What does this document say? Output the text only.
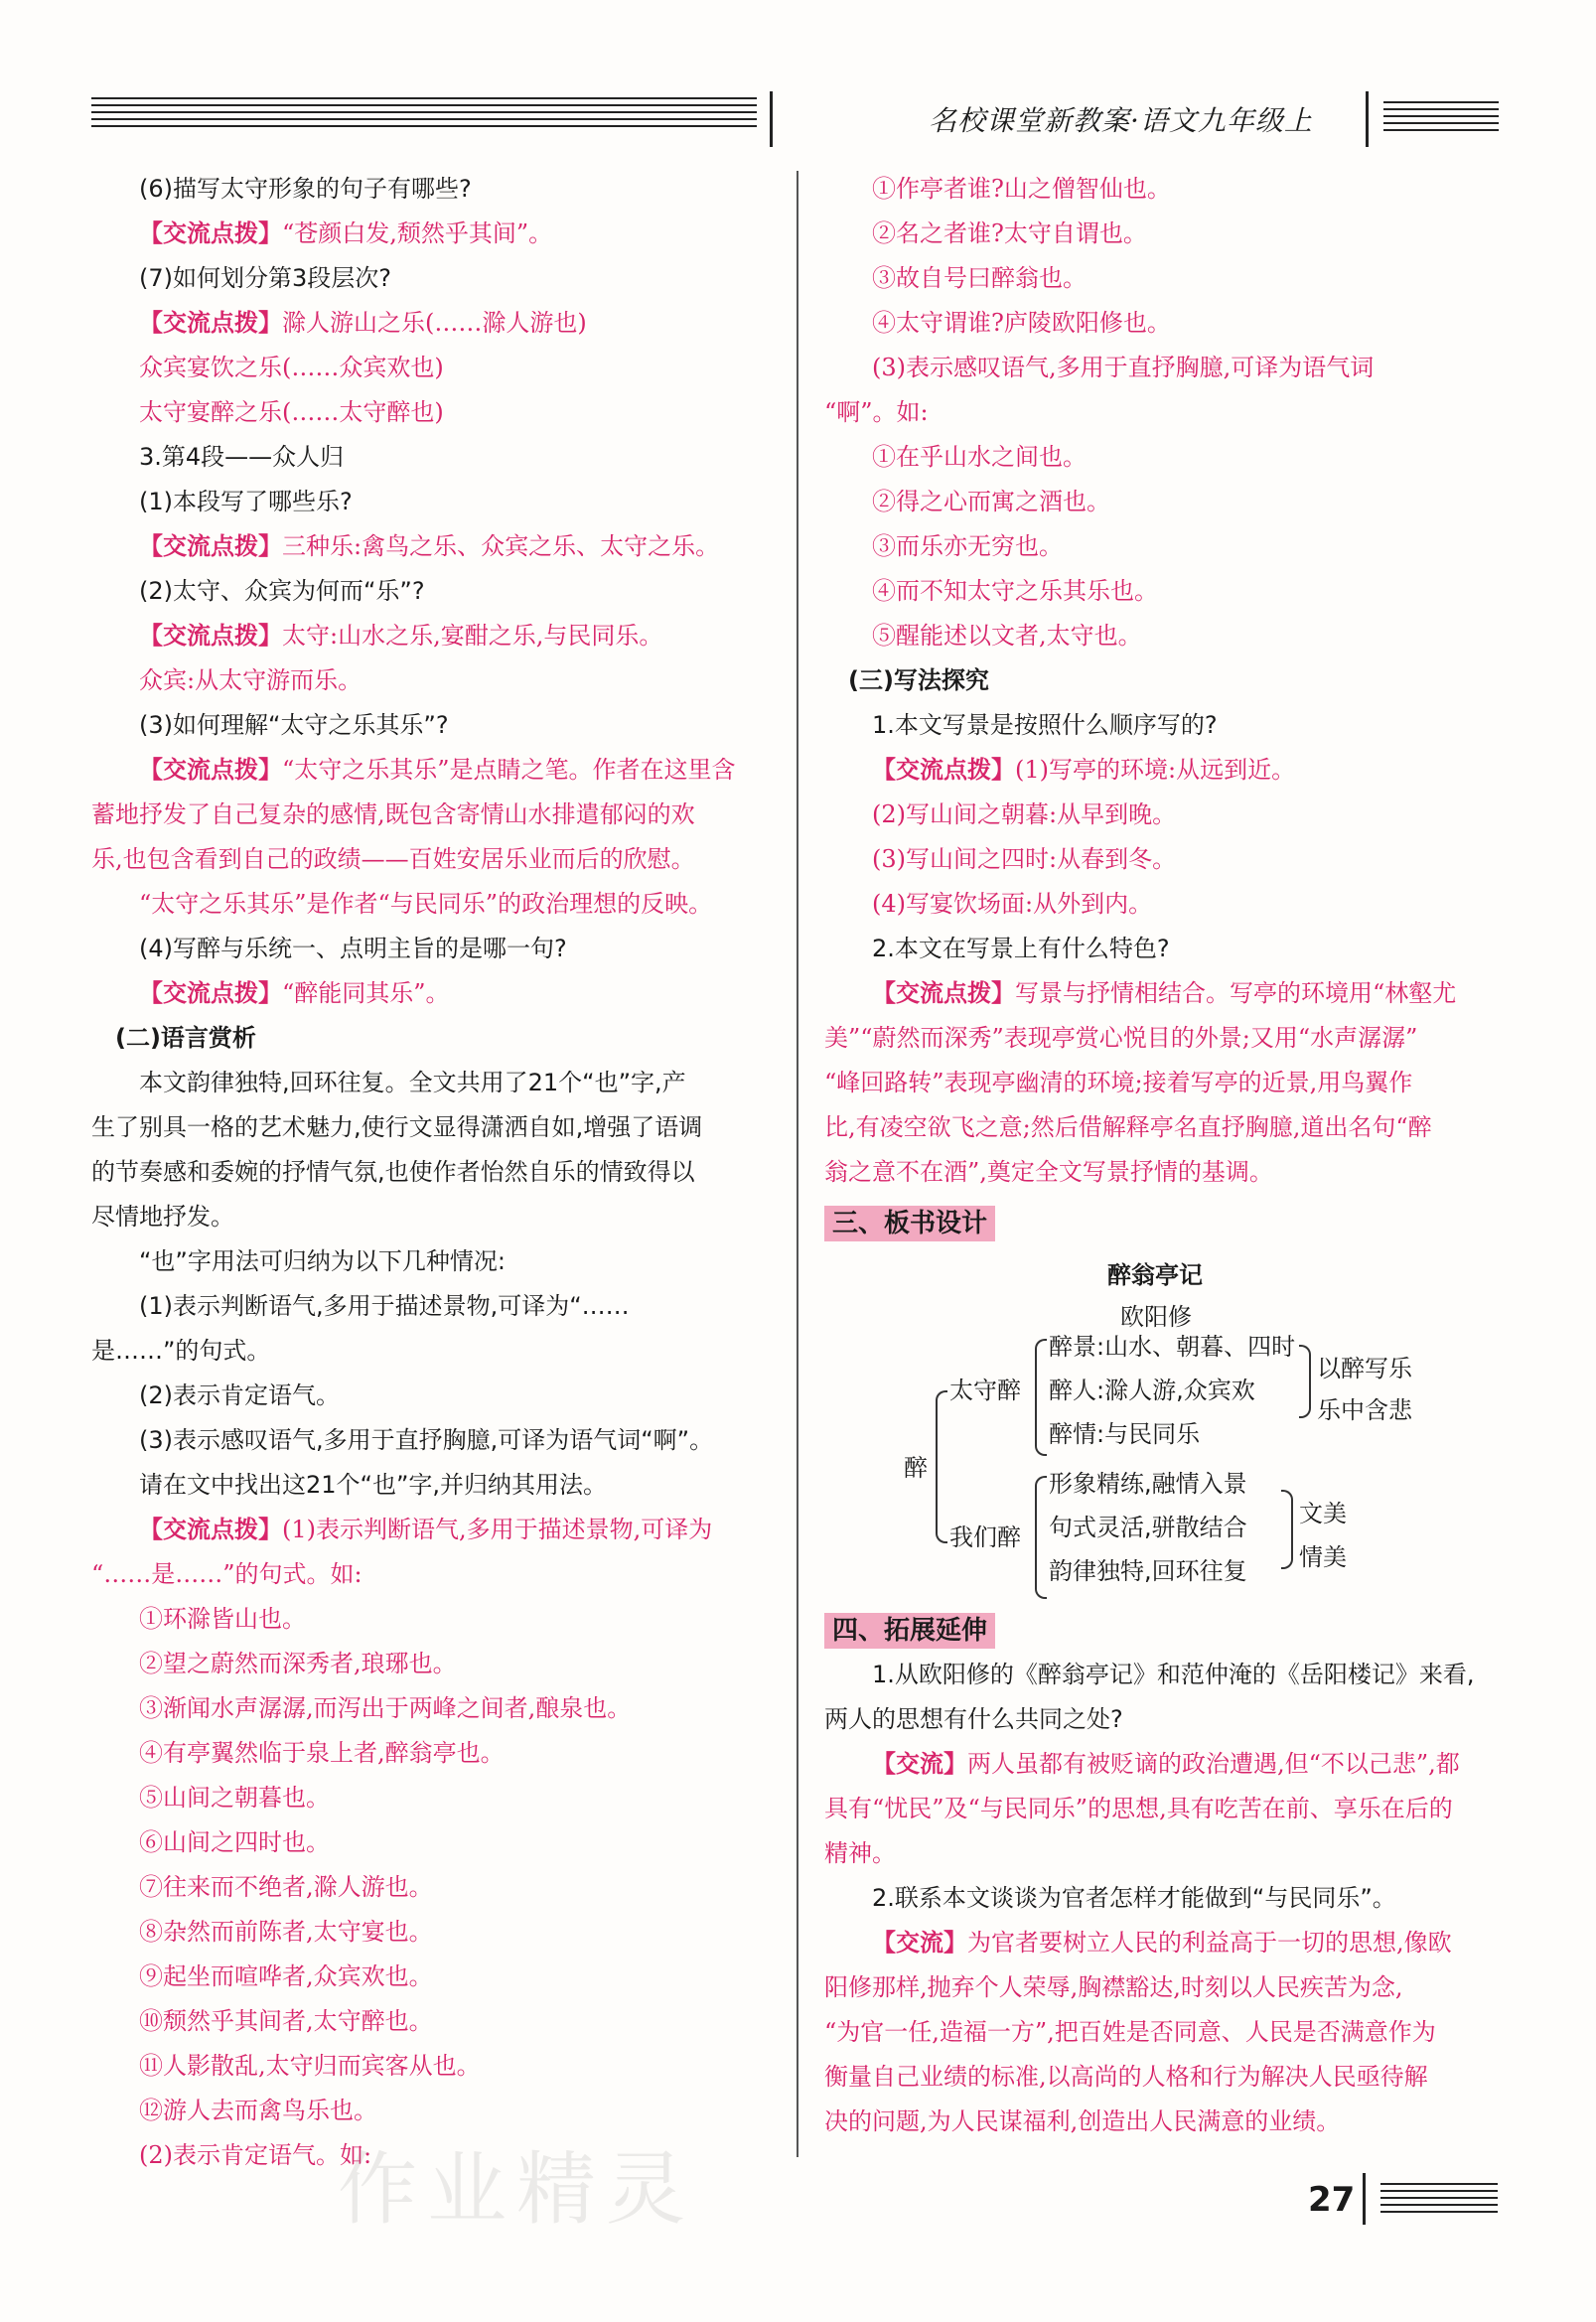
名校课堂新教案·语文九年级上
(6)描写太守形象的句子有哪些?
【交流点拨】“苍颜白发,颓然乎其间”。
(7)如何划分第3段层次?
【交流点拨】滁人游山之乐(……滁人游也)
众宾宴饮之乐(……众宾欢也)
太守宴醉之乐(……太守醉也)
3.第4段——众人归
(1)本段写了哪些乐?
【交流点拨】三种乐:禽鸟之乐、众宾之乐、太守之乐。
(2)太守、众宾为何而“乐”?
【交流点拨】太守:山水之乐,宴酣之乐,与民同乐。
众宾:从太守游而乐。
(3)如何理解“太守之乐其乐”?
【交流点拨】“太守之乐其乐”是点睛之笔。作者在这里含
蓄地抒发了自己复杂的感情,既包含寄情山水排遣郁闷的欢
乐,也包含看到自己的政绩——百姓安居乐业而后的欣慰。
“太守之乐其乐”是作者“与民同乐”的政治理想的反映。
(4)写醉与乐统一、点明主旨的是哪一句?
【交流点拨】“醉能同其乐”。
(二)语言赏析
本文韵律独特,回环往复。全文共用了21个“也”字,产
生了别具一格的艺术魅力,使行文显得潇洒自如,增强了语调
的节奏感和委婉的抒情气氛,也使作者怡然自乐的情致得以
尽情地抒发。
“也”字用法可归纳为以下几种情况:
(1)表示判断语气,多用于描述景物,可译为“……
是……”的句式。
(2)表示肯定语气。
(3)表示感叹语气,多用于直抒胸臆,可译为语气词“啊”。
请在文中找出这21个“也”字,并归纳其用法。
【交流点拨】(1)表示判断语气,多用于描述景物,可译为
“……是……”的句式。如:
①环滁皆山也。
②望之蔚然而深秀者,琅琊也。
③渐闻水声潺潺,而泻出于两峰之间者,酿泉也。
④有亭翼然临于泉上者,醉翁亭也。
⑤山间之朝暮也。
⑥山间之四时也。
⑦往来而不绝者,滁人游也。
⑧杂然而前陈者,太守宴也。
⑨起坐而喧哗者,众宾欢也。
⑩颓然乎其间者,太守醉也。
⑪人影散乱,太守归而宾客从也。
⑫游人去而禽鸟乐也。
(2)表示肯定语气。如:
①作亭者谁?山之僧智仙也。
②名之者谁?太守自谓也。
③故自号曰醉翁也。
④太守谓谁?庐陵欧阳修也。
(3)表示感叹语气,多用于直抒胸臆,可译为语气词
“啊”。如:
①在乎山水之间也。
②得之心而寓之酒也。
③而乐亦无穷也。
④而不知太守之乐其乐也。
⑤醒能述以文者,太守也。
(三)写法探究
1.本文写景是按照什么顺序写的?
【交流点拨】(1)写亭的环境:从远到近。
(2)写山间之朝暮:从早到晚。
(3)写山间之四时:从春到冬。
(4)写宴饮场面:从外到内。
2.本文在写景上有什么特色?
【交流点拨】写景与抒情相结合。写亭的环境用“林壑尤
美”“蔚然而深秀”表现亭赏心悦目的外景;又用“水声潺潺”
“峰回路转”表现亭幽清的环境;接着写亭的近景,用鸟翼作
比,有凌空欲飞之意;然后借解释亭名直抒胸臆,道出名句“醉
翁之意不在酒”,奠定全文写景抒情的基调。
三、板书设计
醉翁亭记
欧阳修
醉
太守醉
醉景:山水、朝暮、四时
醉人:滁人游,众宾欢
醉情:与民同乐
以醉写乐
乐中含悲
我们醉
形象精练,融情入景
句式灵活,骈散结合
韵律独特,回环往复
文美
情美
四、拓展延伸
1.从欧阳修的《醉翁亭记》和范仲淹的《岳阳楼记》来看,
两人的思想有什么共同之处?
【交流】两人虽都有被贬谪的政治遭遇,但“不以己悲”,都
具有“忧民”及“与民同乐”的思想,具有吃苦在前、享乐在后的
精神。
2.联系本文谈谈为官者怎样才能做到“与民同乐”。
【交流】为官者要树立人民的利益高于一切的思想,像欧
阳修那样,抛弃个人荣辱,胸襟豁达,时刻以人民疾苦为念,
“为官一任,造福一方”,把百姓是否同意、人民是否满意作为
衡量自己业绩的标准,以高尚的人格和行为解决人民亟待解
决的问题,为人民谋福利,创造出人民满意的业绩。
27
作业精灵
